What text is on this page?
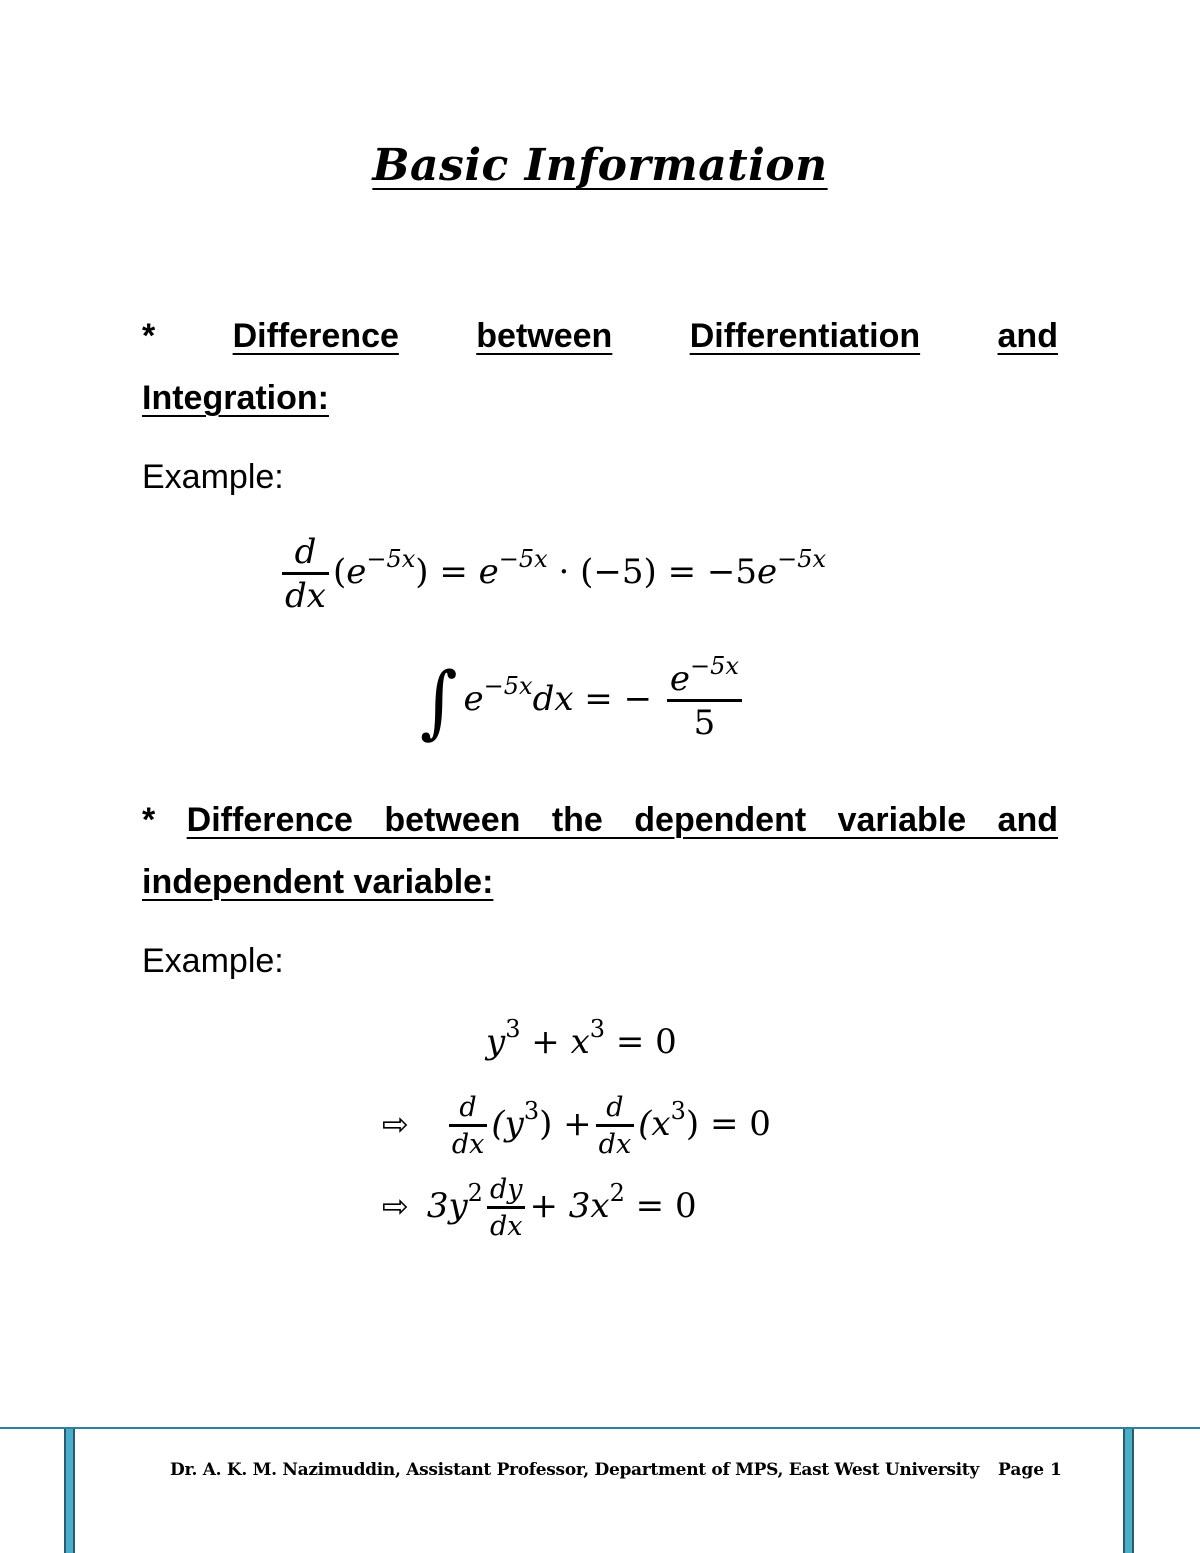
Basic Information
* Difference between Differentiation and
Integration:
Example:
$\frac{d}{dx} (e^{-5x}) = e^{-5x} \cdot (-5) = -5e^{-5x}$
∫ $e^{-5x}dx$ = − $\frac{e^{-5x}}{5}$
* Difference between the dependent variable and
independent variable:
Example:
$y^3 + x^3 = 0$
⇨ $\frac{d}{dx} (y^3) + \frac{d}{dx} (x^3) = 0$
⇨ $3y^2 \frac{dy}{dx} + 3x^2 = 0$
Dr. A. K. M. Nazimuddin, Assistant Professor, Department of MPS, East West University Page 1
